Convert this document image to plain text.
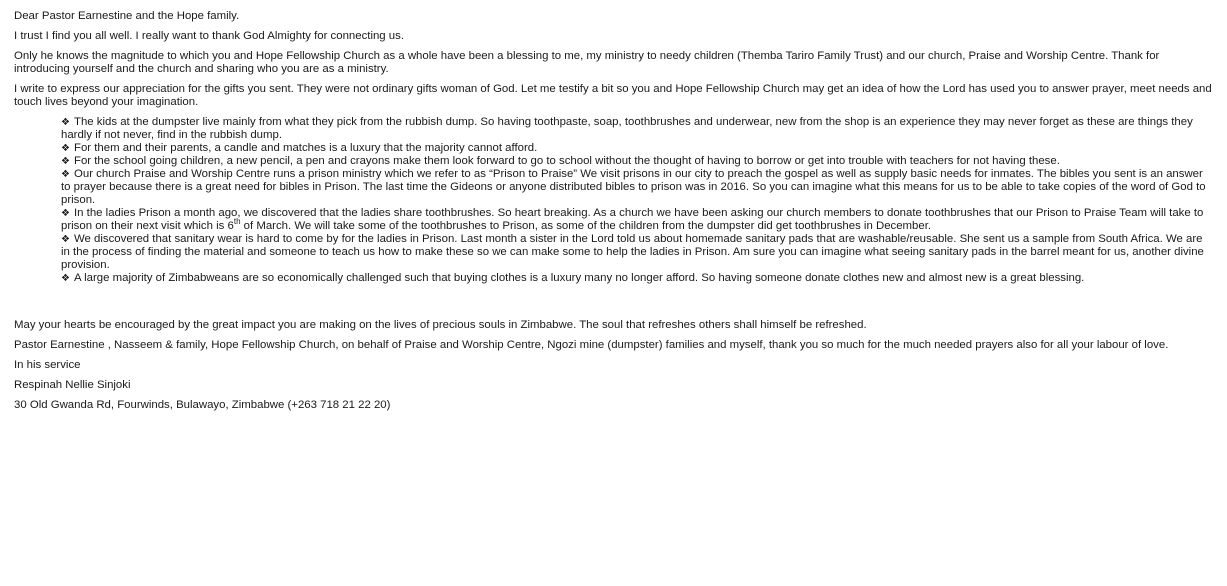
Dear Pastor Earnestine and the Hope family.

I trust I find you all well. I really want to thank God Almighty for connecting us.

Only he knows the magnitude to which you and Hope Fellowship Church as a whole have been a blessing to me, my ministry to needy children (Themba Tariro Family Trust) and our church, Praise and Worship Centre. Thank for introducing yourself and the church and sharing who you are as a ministry.

I write to express our appreciation for the gifts you sent. They were not ordinary gifts woman of God. Let me testify a bit so you and Hope Fellowship Church may get an idea of how the Lord has used you to answer prayer, meet needs and touch lives beyond your imagination.

❖ The kids at the dumpster live mainly from what they pick from the rubbish dump. So having toothpaste, soap, toothbrushes and underwear, new from the shop is an experience they may never forget as these are things they hardly if not never, find in the rubbish dump.
❖ For them and their parents, a candle and matches is a luxury that the majority cannot afford.
❖ For the school going children, a new pencil, a pen and crayons make them look forward to go to school without the thought of having to borrow or get into trouble with teachers for not having these.
❖ Our church Praise and Worship Centre runs a prison ministry which we refer to as “Prison to Praise” We visit prisons in our city to preach the gospel as well as supply basic needs for inmates. The bibles you sent is an answer to prayer because there is a great need for bibles in Prison. The last time the Gideons or anyone distributed bibles to prison was in 2016. So you can imagine what this means for us to be able to take copies of the word of God to prison.
❖ In the ladies Prison a month ago, we discovered that the ladies share toothbrushes. So heart breaking. As a church we have been asking our church members to donate toothbrushes that our Prison to Praise Team will take to prison on their next visit which is 6th of March. We will take some of the toothbrushes to Prison, as some of the children from the dumpster did get toothbrushes in December.
❖ We discovered that sanitary wear is hard to come by for the ladies in Prison. Last month a sister in the Lord told us about homemade sanitary pads that are washable/reusable. She sent us a sample from South Africa. We are in the process of finding the material and someone to teach us how to make these so we can make some to help the ladies in Prison. Am sure you can imagine what seeing sanitary pads in the barrel meant for us, another divine provision.
❖ A large majority of Zimbabweans are so economically challenged such that buying clothes is a luxury many no longer afford. So having someone donate clothes new and almost new is a great blessing.

May your hearts be encouraged by the great impact you are making on the lives of precious souls in Zimbabwe. The soul that refreshes others shall himself be refreshed.

Pastor Earnestine , Nasseem & family, Hope Fellowship Church, on behalf of Praise and Worship Centre, Ngozi mine (dumpster) families and myself, thank you so much for the much needed prayers also for all your labour of love.

In his service

Respinah Nellie Sinjoki

30 Old Gwanda Rd, Fourwinds, Bulawayo, Zimbabwe (+263 718 21 22 20)
